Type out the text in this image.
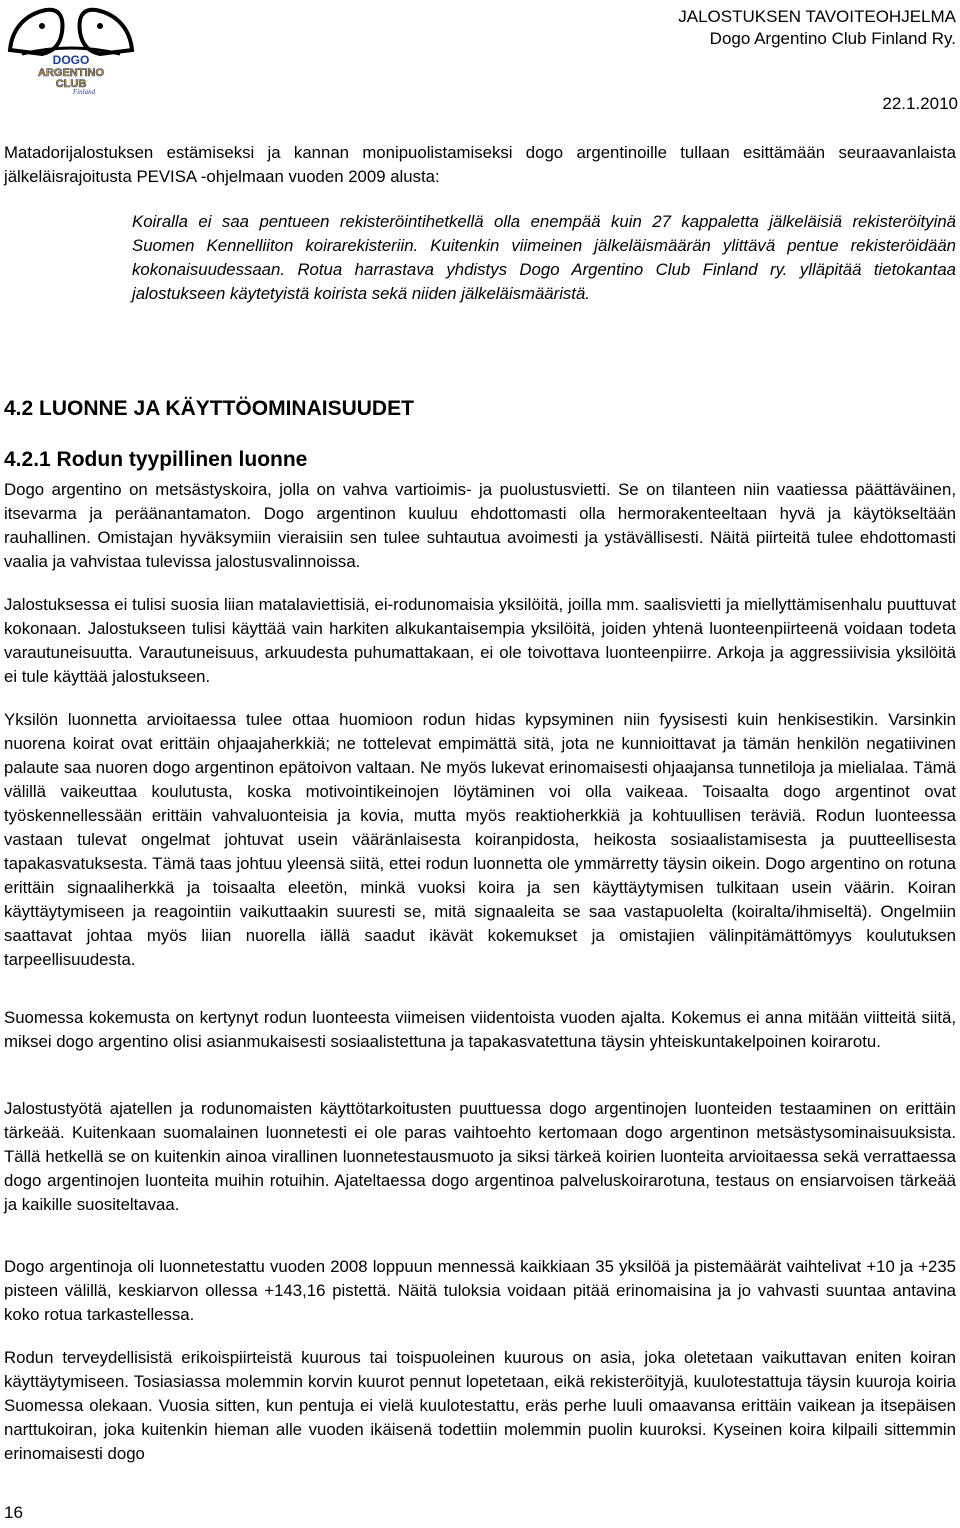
DOGO
ARGENTINO
CLUB
Finland
JALOSTUKSEN TAVOITEOHJELMA
Dogo Argentino Club Finland Ry.
22.1.2010

Matadorijalostuksen estämiseksi ja kannan monipuolistamiseksi dogo argentinoille tullaan esittämään seuraavanlaista jälkeläisrajoitusta PEVISA -ohjelmaan vuoden 2009 alusta:

Koiralla ei saa pentueen rekisteröintihetkellä olla enempää kuin 27 kappaletta jälkeläisiä rekisteröityinä Suomen Kennelliiton koirarekisteriin. Kuitenkin viimeinen jälkeläismäärän ylittävä pentue rekisteröidään kokonaisuudessaan. Rotua harrastava yhdistys Dogo Argentino Club Finland ry. ylläpitää tietokantaa jalostukseen käytetyistä koirista sekä niiden jälkeläismääristä.

4.2 LUONNE JA KÄYTTÖOMINAISUUDET
4.2.1 Rodun tyypillinen luonne

Dogo argentino on metsästyskoira, jolla on vahva vartioimis- ja puolustusvietti. Se on tilanteen niin vaatiessa päättäväinen, itsevarma ja peräänantamaton. Dogo argentinon kuuluu ehdottomasti olla hermorakenteeltaan hyvä ja käytökseltään rauhallinen. Omistajan hyväksymiin vieraisiin sen tulee suhtautua avoimesti ja ystävällisesti. Näitä piirteitä tulee ehdottomasti vaalia ja vahvistaa tulevissa jalostusvalinnoissa.

Jalostuksessa ei tulisi suosia liian matalaviettisiä, ei-rodunomaisia yksilöitä, joilla mm. saalisvietti ja miellyttämisenhalu puuttuvat kokonaan. Jalostukseen tulisi käyttää vain harkiten alkukantaisempia yksilöitä, joiden yhtenä luonteenpiirteenä voidaan todeta varautuneisuutta. Varautuneisuus, arkuudesta puhumattakaan, ei ole toivottava luonteenpiirre. Arkoja ja aggressiivisia yksilöitä ei tule käyttää jalostukseen.

Yksilön luonnetta arvioitaessa tulee ottaa huomioon rodun hidas kypsyminen niin fyysisesti kuin henkisestikin. Varsinkin nuorena koirat ovat erittäin ohjaajaherkkiä; ne tottelevat empimättä sitä, jota ne kunnioittavat ja tämän henkilön negatiivinen palaute saa nuoren dogo argentinon epätoivon valtaan. Ne myös lukevat erinomaisesti ohjaajansa tunnetiloja ja mielialaa. Tämä välillä vaikeuttaa koulutusta, koska motivointikeinojen löytäminen voi olla vaikeaa. Toisaalta dogo argentinot ovat työskennellessään erittäin vahvaluonteisia ja kovia, mutta myös reaktioherkkiä ja kohtuullisen teräviä. Rodun luonteessa vastaan tulevat ongelmat johtuvat usein vääränlaisesta koiranpidosta, heikosta sosiaalistamisesta ja puutteellisesta tapakasvatuksesta. Tämä taas johtuu yleensä siitä, ettei rodun luonnetta ole ymmärretty täysin oikein. Dogo argentino on rotuna erittäin signaaliherkkä ja toisaalta eleetön, minkä vuoksi koira ja sen käyttäytymisen tulkitaan usein väärin. Koiran käyttäytymiseen ja reagointiin vaikuttaakin suuresti se, mitä signaaleita se saa vastapuolelta (koiralta/ihmiseltä). Ongelmiin saattavat johtaa myös liian nuorella iällä saadut ikävät kokemukset ja omistajien välinpitämättömyys koulutuksen tarpeellisuudesta.

Suomessa kokemusta on kertynyt rodun luonteesta viimeisen viidentoista vuoden ajalta. Kokemus ei anna mitään viitteitä siitä, miksei dogo argentino olisi asianmukaisesti sosiaalistettuna ja tapakasvatettuna täysin yhteiskuntakelpoinen koirarotu.

Jalostustyötä ajatellen ja rodunomaisten käyttötarkoitusten puuttuessa dogo argentinojen luonteiden testaaminen on erittäin tärkeää. Kuitenkaan suomalainen luonnetesti ei ole paras vaihtoehto kertomaan dogo argentinon metsästysominaisuuksista. Tällä hetkellä se on kuitenkin ainoa virallinen luonnetestausmuoto ja siksi tärkeä koirien luonteita arvioitaessa sekä verrattaessa dogo argentinojen luonteita muihin rotuihin. Ajateltaessa dogo argentinoa palveluskoirarotuna, testaus on ensiarvoisen tärkeää ja kaikille suositeltavaa.

Dogo argentinoja oli luonnetestattu vuoden 2008 loppuun mennessä kaikkiaan 35 yksilöä ja pistemäärät vaihtelivat +10 ja +235 pisteen välillä, keskiarvon ollessa +143,16 pistettä. Näitä tuloksia voidaan pitää erinomaisina ja jo vahvasti suuntaa antavina koko rotua tarkastellessa.

Rodun terveydellisistä erikoispiirteistä kuurous tai toispuoleinen kuurous on asia, joka oletetaan vaikuttavan eniten koiran käyttäytymiseen. Tosiasiassa molemmin korvin kuurot pennut lopetetaan, eikä rekisteröityjä, kuulotestattuja täysin kuuroja koiria Suomessa olekaan. Vuosia sitten, kun pentuja ei vielä kuulotestattu, eräs perhe luuli omaavansa erittäin vaikean ja itsepäisen narttukoiran, joka kuitenkin hieman alle vuoden ikäisenä todettiin molemmin puolin kuuroksi. Kyseinen koira kilpaili sittemmin erinomaisesti dogo

16
